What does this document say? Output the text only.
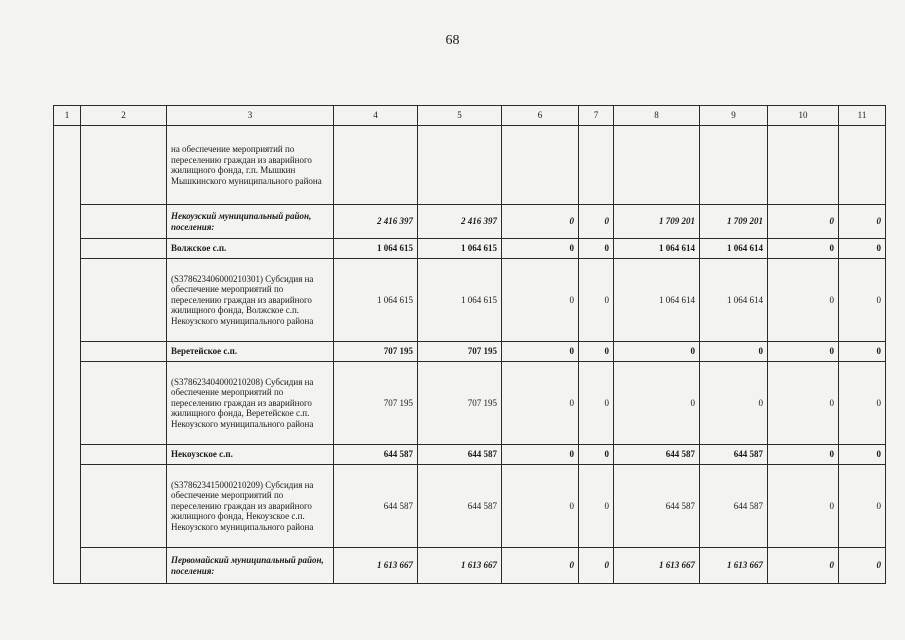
68
1	2	3	4	5	6	7	8	9	10	11
		на обеспечение мероприятий по переселению граждан из аварийного жилищного фонда, г.п. Мышкин Мышкинского муниципального района								
		Некоузский муниципальный район, поселения:	2 416 397	2 416 397	0	0	1 709 201	1 709 201	0	0
		Волжское с.п.	1 064 615	1 064 615	0	0	1 064 614	1 064 614	0	0
		(S378623406000210301) Субсидия на обеспечение мероприятий по переселению граждан из аварийного жилищного фонда, Волжское с.п. Некоузского муниципального района	1 064 615	1 064 615	0	0	1 064 614	1 064 614	0	0
		Веретейское с.п.	707 195	707 195	0	0	0	0	0	0
		(S378623404000210208) Субсидия на обеспечение мероприятий по переселению граждан из аварийного жилищного фонда, Веретейское с.п. Некоузского муниципального района	707 195	707 195	0	0	0	0	0	0
		Некоузское с.п.	644 587	644 587	0	0	644 587	644 587	0	0
		(S378623415000210209) Субсидия на обеспечение мероприятий по переселению граждан из аварийного жилищного фонда, Некоузское с.п. Некоузского муниципального района	644 587	644 587	0	0	644 587	644 587	0	0
		Первомайский муниципальный район, поселения:	1 613 667	1 613 667	0	0	1 613 667	1 613 667	0	0
